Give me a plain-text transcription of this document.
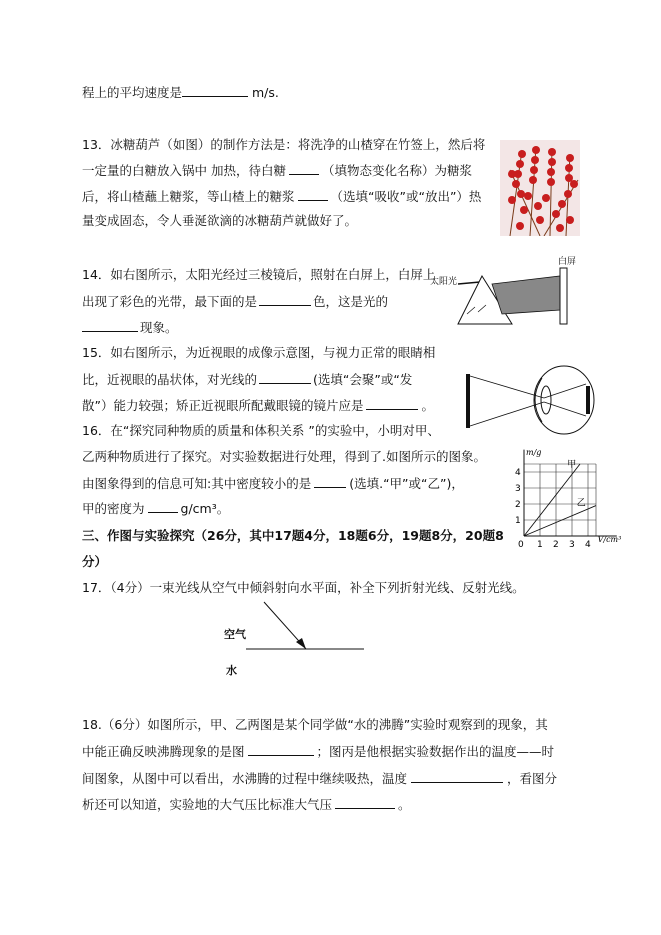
程上的平均速度是	m/s.
13．冰糖葫芦（如图）的制作方法是：将洗净的山楂穿在竹签上，然后将
一定量的白糖放入锅中 加热，待白糖	（填物态变化名称）为糖浆
后，将山楂蘸上糖浆，等山楂上的糖浆	（选填“吸收”或“放出”）热
量变成固态，令人垂涎欲滴的冰糖葫芦就做好了。
14．如右图所示，太阳光经过三棱镜后，照射在白屏上，白屏上
出现了彩色的光带，最下面的是	色，这是光的
现象。
太阳光
白屏
15．如右图所示，为近视眼的成像示意图，与视力正常的眼睛相
比，近视眼的晶状体，对光线的	(选填“会聚”或“发
散”）能力较强；矫正近视眼所配戴眼镜的镜片应是	。
16．在“探究同种物质的质量和体积关系 ”的实验中，小明对甲、
乙两种物质进行了探究。对实验数据进行处理，得到了.如图所示的图象。
由图象得到的信息可知:其中密度较小的是	(选填.“甲”或“乙”)，
甲的密度为	g/cm³。
0 1 2 3 4
1
2
3
4
m/g
V/cm³
甲
乙
三、作图与实验探究（26分，其中17题4分，18题6分，19题8分，20题8
分）
17．（4分）一束光线从空气中倾斜射向水平面，补全下列折射光线、反射光线。
空气
水
18.（6分）如图所示，甲、乙两图是某个同学做“水的沸腾”实验时观察到的现象，其
中能正确反映沸腾现象的是图	；图丙是他根据实验数据作出的温度——时
间图象，从图中可以看出，水沸腾的过程中继续吸热，温度	，看图分
析还可以知道，实验地的大气压比标准大气压	。
